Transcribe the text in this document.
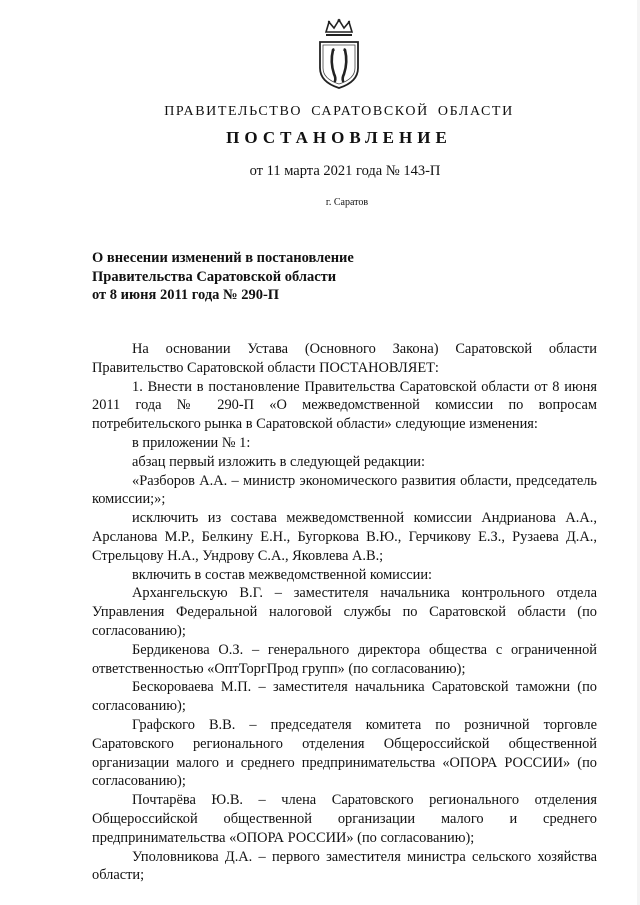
ПРАВИТЕЛЬСТВО САРАТОВСКОЙ ОБЛАСТИ
ПОСТАНОВЛЕНИЕ
от 11 марта 2021 года № 143-П
г. Саратов
О внесении изменений в постановление
Правительства Саратовской области
от 8 июня 2011 года № 290-П

На основании Устава (Основного Закона) Саратовской области Правительство Саратовской области ПОСТАНОВЛЯЕТ:

1. Внести в постановление Правительства Саратовской области от 8 июня 2011 года № 290-П «О межведомственной комиссии по вопросам потребительского рынка в Саратовской области» следующие изменения:

в приложении № 1:

абзац первый изложить в следующей редакции:

«Разборов А.А. – министр экономического развития области, председатель комиссии;»;

исключить из состава межведомственной комиссии Андрианова А.А., Арсланова М.Р., Белкину Е.Н., Бугоркова В.Ю., Герчикову Е.З., Рузаева Д.А., Стрельцову Н.А., Ундрову С.А., Яковлева А.В.;

включить в состав межведомственной комиссии:

Архангельскую В.Г. – заместителя начальника контрольного отдела Управления Федеральной налоговой службы по Саратовской области (по согласованию);

Бердикенова О.З. – генерального директора общества с ограниченной ответственностью «ОптТоргПрод групп» (по согласованию);

Бескороваева М.П. – заместителя начальника Саратовской таможни (по согласованию);

Графского В.В. – председателя комитета по розничной торговле Саратовского регионального отделения Общероссийской общественной организации малого и среднего предпринимательства «ОПОРА РОССИИ» (по согласованию);

Почтарёва Ю.В. – члена Саратовского регионального отделения Общероссийской общественной организации малого и среднего предпринимательства «ОПОРА РОССИИ» (по согласованию);

Уполовникова Д.А. – первого заместителя министра сельского хозяйства области;
